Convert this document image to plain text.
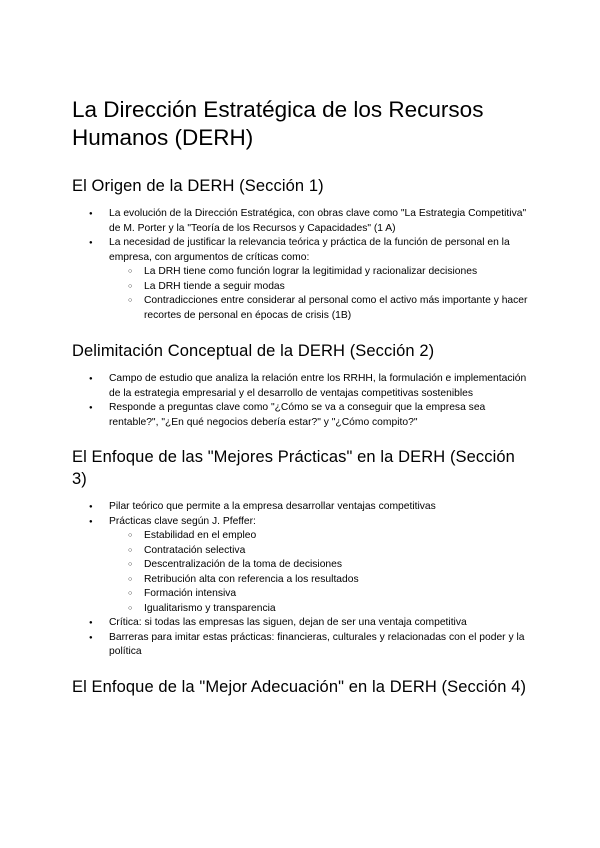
La Dirección Estratégica de los Recursos Humanos (DERH)
El Origen de la DERH (Sección 1)
● La evolución de la Dirección Estratégica, con obras clave como "La Estrategia Competitiva" de M. Porter y la "Teoría de los Recursos y Capacidades" (1 A)
● La necesidad de justificar la relevancia teórica y práctica de la función de personal en la empresa, con argumentos de críticas como:
○ La DRH tiene como función lograr la legitimidad y racionalizar decisiones
○ La DRH tiende a seguir modas
○ Contradicciones entre considerar al personal como el activo más importante y hacer recortes de personal en épocas de crisis (1B)
Delimitación Conceptual de la DERH (Sección 2)
● Campo de estudio que analiza la relación entre los RRHH, la formulación e implementación de la estrategia empresarial y el desarrollo de ventajas competitivas sostenibles
● Responde a preguntas clave como "¿Cómo se va a conseguir que la empresa sea rentable?", "¿En qué negocios debería estar?" y "¿Cómo compito?"
El Enfoque de las "Mejores Prácticas" en la DERH (Sección 3)
● Pilar teórico que permite a la empresa desarrollar ventajas competitivas
● Prácticas clave según J. Pfeffer:
○ Estabilidad en el empleo
○ Contratación selectiva
○ Descentralización de la toma de decisiones
○ Retribución alta con referencia a los resultados
○ Formación intensiva
○ Igualitarismo y transparencia
● Crítica: si todas las empresas las siguen, dejan de ser una ventaja competitiva
● Barreras para imitar estas prácticas: financieras, culturales y relacionadas con el poder y la política
El Enfoque de la "Mejor Adecuación" en la DERH (Sección 4)
